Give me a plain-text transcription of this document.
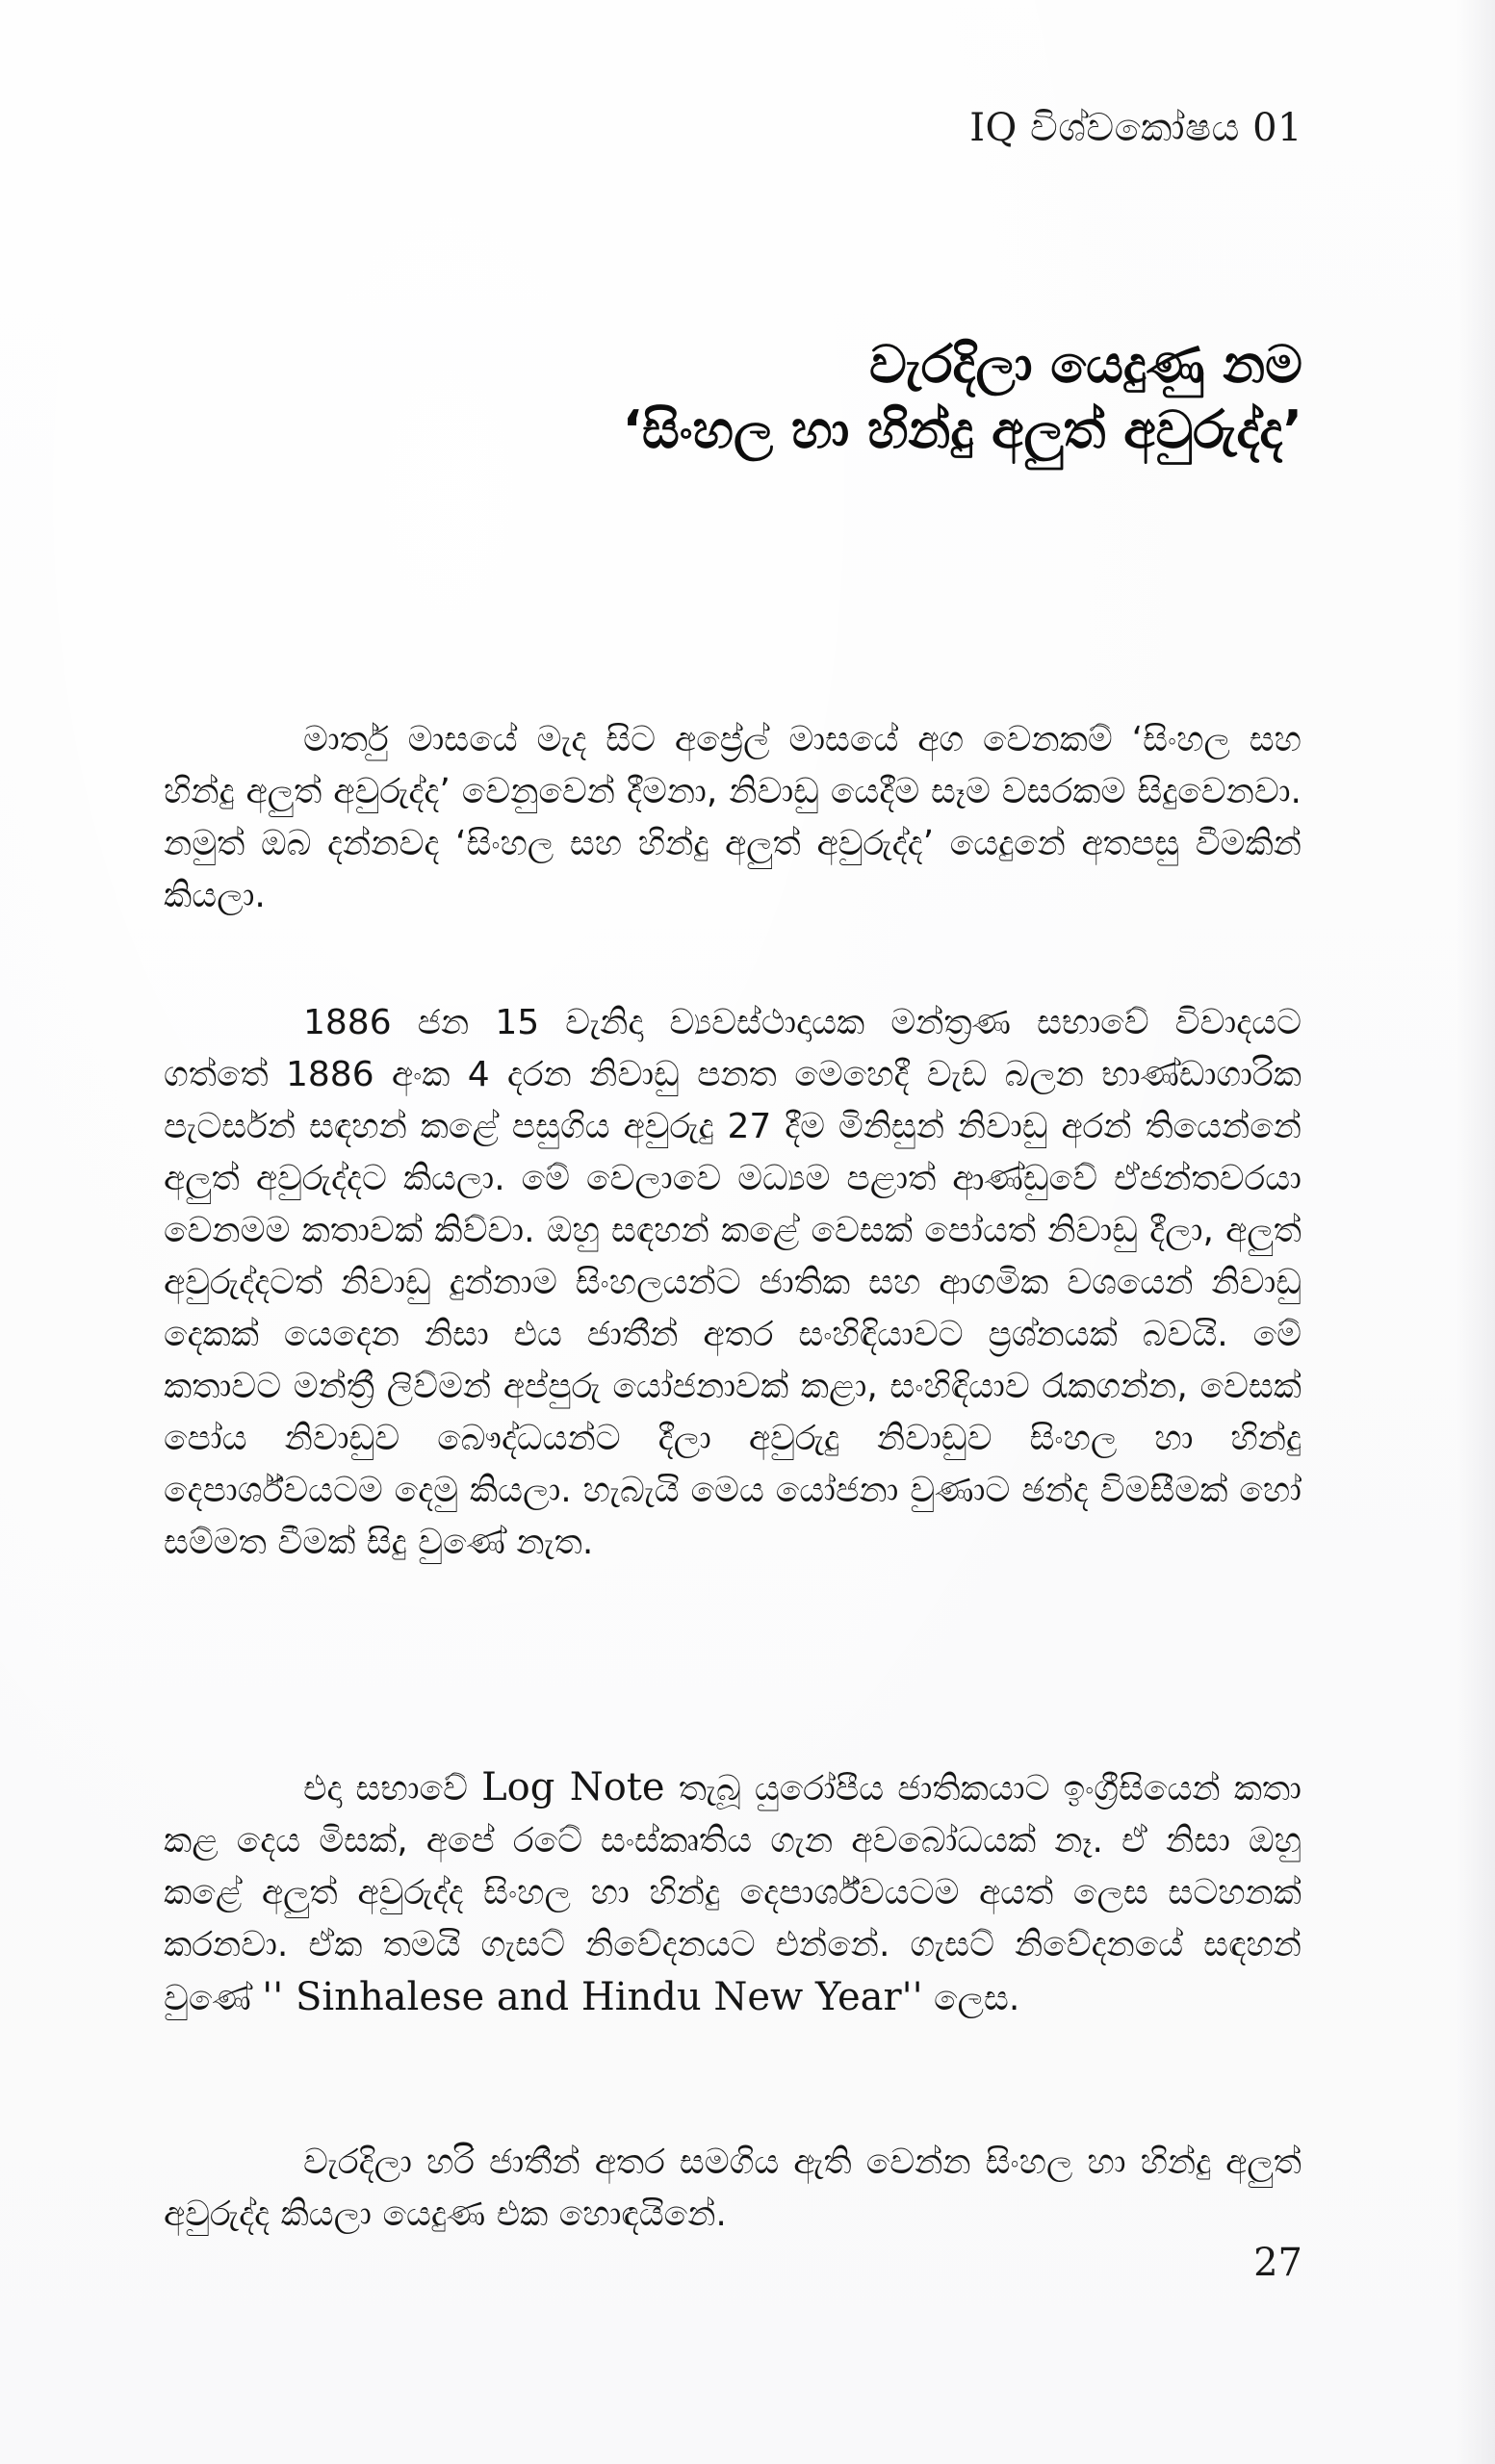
IQ විශ්වකෝෂය 01
වැරදිලා යෙදුණු නම
‘සිංහල හා හින්දු අලුත් අවුරුද්ද’

මාර්තු මාසයේ මැද සිට අප්‍රේල් මාසයේ අග වෙනකම් ‘සිංහල සහ හින්දු අලුත් අවුරුද්ද’ වෙනුවෙන් දීමනා, නිවාඩු යෙදීම සෑම වසරකම සිදුවෙනවා. නමුත් ඔබ දන්නවද ‘සිංහල සහ හින්දු අලුත් අවුරුද්ද’ යෙදුනේ අතපසු වීමකින් කියලා.

1886 ජන 15 වැනිදා ව්‍යවස්ථාදායක මන්ත්‍රණ සභාවේ විවාදයට ගත්තේ 1886 අංක 4 දරන නිවාඩු පනත මෙහෙදී වැඩ බලන භාණ්ඩාගාරික පැටර්සන් සඳහන් කළේ පසුගිය අවුරුදු 27 දීම මිනිසුන් නිවාඩු අරන් තියෙන්නේ අලුත් අවුරුද්දට කියලා. මේ වෙලාවෙ මධ්‍යම පළාත් ආණ්ඩුවේ ඒජන්තවරයා වෙනමම කතාවක් කිව්වා. ඔහු සඳහන් කළේ වෙසක් පෝයත් නිවාඩු දීලා, අලුත් අවුරුද්දටත් නිවාඩු දුන්නාම සිංහලයන්ට ජාතික සහ ආගමික වශයෙන් නිවාඩු දෙකක් යෙදෙන නිසා එය ජාතීන් අතර සංහිඳියාවට ප්‍රශ්නයක් බවයි. මේ කතාවට මන්ත්‍රී ලිව්මන් අප්පුරු යෝජනාවක් කළා, සංහිඳියාව රැකගන්න, වෙසක් පෝය නිවාඩුව බෞද්ධයන්ට දීලා අවුරුදු නිවාඩුව සිංහල හා හින්දු දෙපාර්ශ්වයටම දෙමු කියලා. හැබැයි මෙය යෝජනා වුණාට ඡන්ද විමසීමක් හෝ සම්මත වීමක් සිදු වුණේ නැත.

එදා සභාවේ Log Note තැබූ යුරෝපීය ජාතිකයාට ඉංග්‍රීසියෙන් කතා කළ දෙය මිසක්, අපේ රටේ සංස්කෘතිය ගැන අවබෝධයක් නෑ. ඒ නිසා ඔහු කළේ අලුත් අවුරුද්ද සිංහල හා හින්දු දෙපාර්ශ්වයටම අයත් ලෙස සටහනක් කරනවා. ඒක තමයි ගැසට් නිවේදනයට එන්නේ. ගැසට් නිවේදනයේ සඳහන් වුණේ '' Sinhalese and Hindu New Year'' ලෙස.

වැරදිලා හරි ජාතීන් අතර සමගිය ඇති වෙන්න සිංහල හා හින්දු අලුත් අවුරුද්ද කියලා යෙදුණ එක හොඳයිනේ.

27
